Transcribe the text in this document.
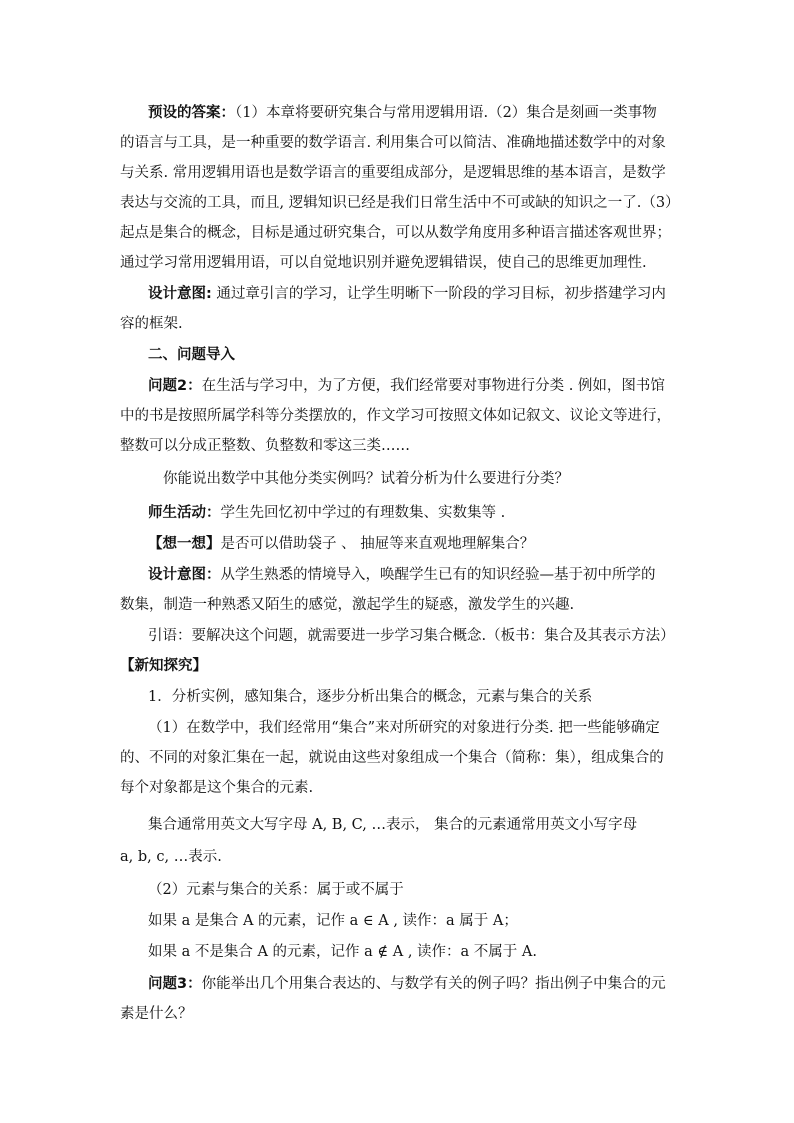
预设的答案：（1）本章将要研究集合与常用逻辑用语.（2）集合是刻画一类事物
的语言与工具，是一种重要的数学语言. 利用集合可以简洁、准确地描述数学中的对象
与关系. 常用逻辑用语也是数学语言的重要组成部分，是逻辑思维的基本语言，是数学
表达与交流的工具，而且, 逻辑知识已经是我们日常生活中不可或缺的知识之一了.（3）
起点是集合的概念，目标是通过研究集合，可以从数学角度用多种语言描述客观世界；
通过学习常用逻辑用语，可以自觉地识别并避免逻辑错误，使自己的思维更加理性.
设计意图: 通过章引言的学习，让学生明晰下一阶段的学习目标，初步搭建学习内
容的框架.
二、问题导入
问题2：在生活与学习中，为了方便，我们经常要对事物进行分类 . 例如，图书馆
中的书是按照所属学科等分类摆放的，作文学习可按照文体如记叙文、议论文等进行，
整数可以分成正整数、负整数和零这三类……
你能说出数学中其他分类实例吗？试着分析为什么要进行分类？
师生活动：学生先回忆初中学过的有理数集、实数集等 .
【想一想】是否可以借助袋子 、 抽屉等来直观地理解集合？
设计意图：从学生熟悉的情境导入，唤醒学生已有的知识经验—基于初中所学的
数集，制造一种熟悉又陌生的感觉，激起学生的疑惑，激发学生的兴趣.
引语：要解决这个问题，就需要进一步学习集合概念.（板书：集合及其表示方法）
【新知探究】
1．分析实例，感知集合，逐步分析出集合的概念，元素与集合的关系
（1）在数学中，我们经常用“集合”来对所研究的对象进行分类. 把一些能够确定
的、不同的对象汇集在一起，就说由这些对象组成一个集合（简称：集），组成集合的
每个对象都是这个集合的元素.
集合通常用英文大写字母 A, B, C, …表示， 集合的元素通常用英文小写字母
a, b, c, …表示.
（2）元素与集合的关系：属于或不属于
如果 a 是集合 A 的元素，记作 a ∈ A , 读作：a 属于 A；
如果 a 不是集合 A 的元素，记作 a ∉ A , 读作：a 不属于 A.
问题3：你能举出几个用集合表达的、与数学有关的例子吗？指出例子中集合的元
素是什么？
